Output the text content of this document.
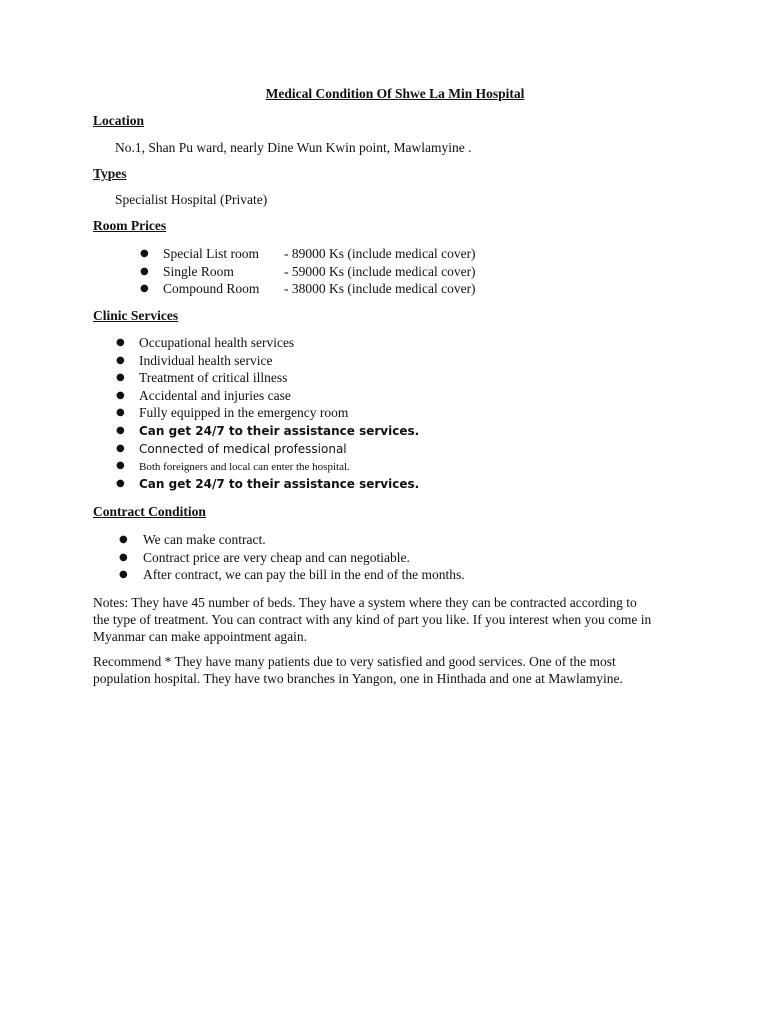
Medical Condition Of Shwe La Min Hospital
Location
No.1, Shan Pu ward, nearly Dine Wun Kwin point, Mawlamyine .
Types
Specialist Hospital (Private)
Room Prices
● Special List room - 89000 Ks (include medical cover)
● Single Room	- 59000 Ks (include medical cover)
● Compound Room - 38000 Ks (include medical cover)
Clinic Services
● Occupational health services
● Individual health service
● Treatment of critical illness
● Accidental and injuries case
● Fully equipped in the emergency room
● Can get 24/7 to their assistance services.
● Connected of medical professional
● Both foreigners and local can enter the hospital.
● Can get 24/7 to their assistance services.
Contract Condition
● We can make contract.
● Contract price are very cheap and can negotiable.
● After contract, we can pay the bill in the end of the months.
Notes: They have 45 number of beds. They have a system where they can be contracted according to the type of treatment. You can contract with any kind of part you like. If you interest when you come in Myanmar can make appointment again.
Recommend * They have many patients due to very satisfied and good services. One of the most population hospital. They have two branches in Yangon, one in Hinthada and one at Mawlamyine.
